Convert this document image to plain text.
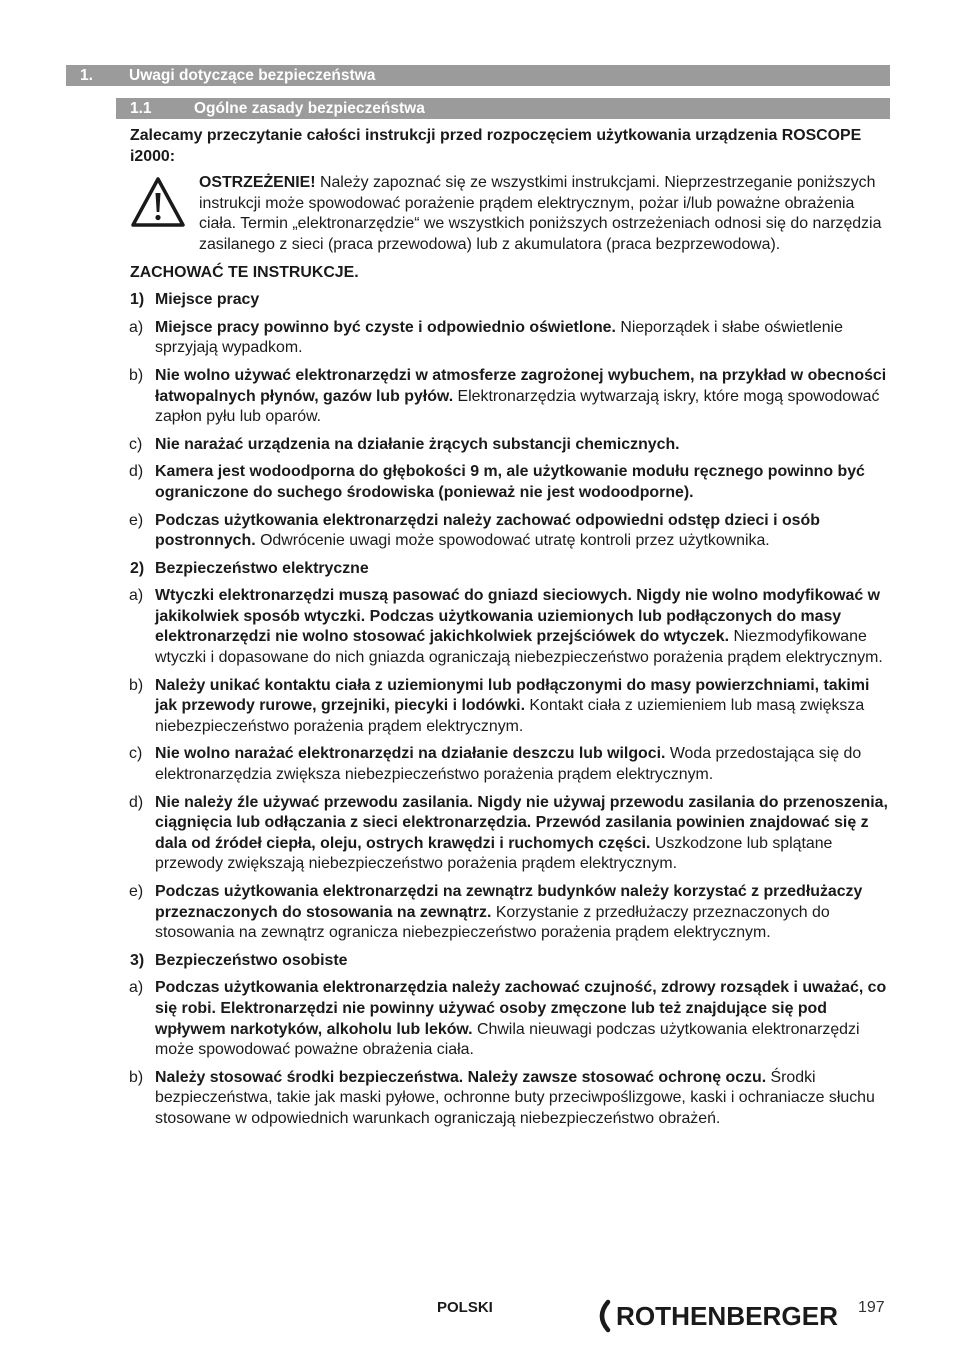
1. Uwagi dotyczące bezpieczeństwa
1.1	Ogólne zasady bezpieczeństwa
Zalecamy przeczytanie całości instrukcji przed rozpoczęciem użytkowania urządzenia ROSCOPE i2000:
OSTRZEŻENIE! Należy zapoznać się ze wszystkimi instrukcjami. Nieprzestrzeganie poniższych instrukcji może spowodować porażenie prądem elektrycznym, pożar i/lub poważne obrażenia ciała. Termin „elektronarzędzie“ we wszystkich poniższych ostrzeżeniach odnosi się do narzędzia zasilanego z sieci (praca przewodowa) lub z akumulatora (praca bezprzewodowa).
ZACHOWAĆ TE INSTRUKCJE.
1) Miejsce pracy
a) Miejsce pracy powinno być czyste i odpowiednio oświetlone. Nieporządek i słabe oświetlenie sprzyjają wypadkom.
b) Nie wolno używać elektronarzędzi w atmosferze zagrożonej wybuchem, na przykład w obecności łatwopalnych płynów, gazów lub pyłów. Elektronarzędzia wytwarzają iskry, które mogą spowodować zapłon pyłu lub oparów.
c) Nie narażać urządzenia na działanie żrących substancji chemicznych.
d) Kamera jest wodoodporna do głębokości 9 m, ale użytkowanie modułu ręcznego powinno być ograniczone do suchego środowiska (ponieważ nie jest wodoodporne).
e) Podczas użytkowania elektronarzędzi należy zachować odpowiedni odstęp dzieci i osób postronnych. Odwrócenie uwagi może spowodować utratę kontroli przez użytkownika.
2) Bezpieczeństwo elektryczne
a) Wtyczki elektronarzędzi muszą pasować do gniazd sieciowych. Nigdy nie wolno modyfikować w jakikolwiek sposób wtyczki. Podczas użytkowania uziemionych lub podłączonych do masy elektronarzędzi nie wolno stosować jakichkolwiek przejściówek do wtyczek. Niezmodyfikowane wtyczki i dopasowane do nich gniazda ograniczają niebezpieczeństwo porażenia prądem elektrycznym.
b) Należy unikać kontaktu ciała z uziemionymi lub podłączonymi do masy powierzchniami, takimi jak przewody rurowe, grzejniki, piecyki i lodówki. Kontakt ciała z uziemieniem lub masą zwiększa niebezpieczeństwo porażenia prądem elektrycznym.
c) Nie wolno narażać elektronarzędzi na działanie deszczu lub wilgoci. Woda przedostająca się do elektronarzędzia zwiększa niebezpieczeństwo porażenia prądem elektrycznym.
d) Nie należy źle używać przewodu zasilania. Nigdy nie używaj przewodu zasilania do przenoszenia, ciągnięcia lub odłączania z sieci elektronarzędzia. Przewód zasilania powinien znajdować się z dala od źródeł ciepła, oleju, ostrych krawędzi i ruchomych części. Uszkodzone lub splątane przewody zwiększają niebezpieczeństwo porażenia prądem elektrycznym.
e) Podczas użytkowania elektronarzędzi na zewnątrz budynków należy korzystać z przedłużaczy przeznaczonych do stosowania na zewnątrz. Korzystanie z przedłużaczy przeznaczonych do stosowania na zewnątrz ogranicza niebezpieczeństwo porażenia prądem elektrycznym.
3) Bezpieczeństwo osobiste
a) Podczas użytkowania elektronarzędzia należy zachować czujność, zdrowy rozsądek i uważać, co się robi. Elektronarzędzi nie powinny używać osoby zmęczone lub też znajdujące się pod wpływem narkotyków, alkoholu lub leków. Chwila nieuwagi podczas użytkowania elektronarzędzi może spowodować poważne obrażenia ciała.
b) Należy stosować środki bezpieczeństwa. Należy zawsze stosować ochronę oczu. Środki bezpieczeństwa, takie jak maski pyłowe, ochronne buty przeciwpoślizgowe, kaski i ochraniacze słuchu stosowane w odpowiednich warunkach ograniczają niebezpieczeństwo obrażeń.
POLSKI	ROTHENBERGER 197
